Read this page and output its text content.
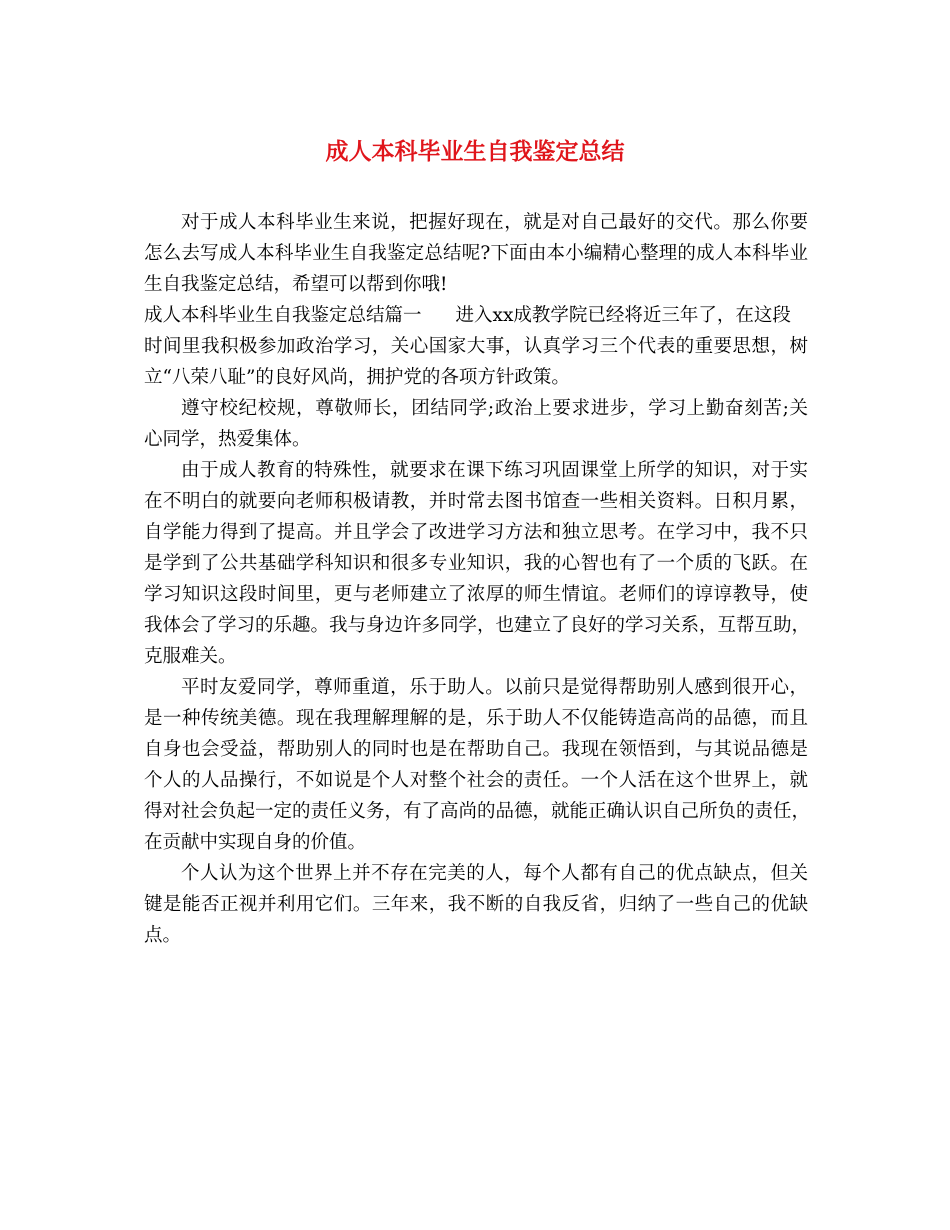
成人本科毕业生自我鉴定总结
对于成人本科毕业生来说，把握好现在，就是对自己最好的交代。那么你要
怎么去写成人本科毕业生自我鉴定总结呢?下面由本小编精心整理的成人本科毕业
生自我鉴定总结，希望可以帮到你哦!
成人本科毕业生自我鉴定总结篇一 进入xx成教学院已经将近三年了，在这段
时间里我积极参加政治学习，关心国家大事，认真学习三个代表的重要思想，树
立“八荣八耻”的良好风尚，拥护党的各项方针政策。
遵守校纪校规，尊敬师长，团结同学;政治上要求进步，学习上勤奋刻苦;关
心同学，热爱集体。
由于成人教育的特殊性，就要求在课下练习巩固课堂上所学的知识，对于实
在不明白的就要向老师积极请教，并时常去图书馆查一些相关资料。日积月累，
自学能力得到了提高。并且学会了改进学习方法和独立思考。在学习中，我不只
是学到了公共基础学科知识和很多专业知识，我的心智也有了一个质的飞跃。在
学习知识这段时间里，更与老师建立了浓厚的师生情谊。老师们的谆谆教导，使
我体会了学习的乐趣。我与身边许多同学，也建立了良好的学习关系，互帮互助，
克服难关。
平时友爱同学，尊师重道，乐于助人。以前只是觉得帮助别人感到很开心，
是一种传统美德。现在我理解理解的是，乐于助人不仅能铸造高尚的品德，而且
自身也会受益，帮助别人的同时也是在帮助自己。我现在领悟到，与其说品德是
个人的人品操行，不如说是个人对整个社会的责任。一个人活在这个世界上，就
得对社会负起一定的责任义务，有了高尚的品德，就能正确认识自己所负的责任，
在贡献中实现自身的价值。
个人认为这个世界上并不存在完美的人，每个人都有自己的优点缺点，但关
键是能否正视并利用它们。三年来，我不断的自我反省，归纳了一些自己的优缺
点。
